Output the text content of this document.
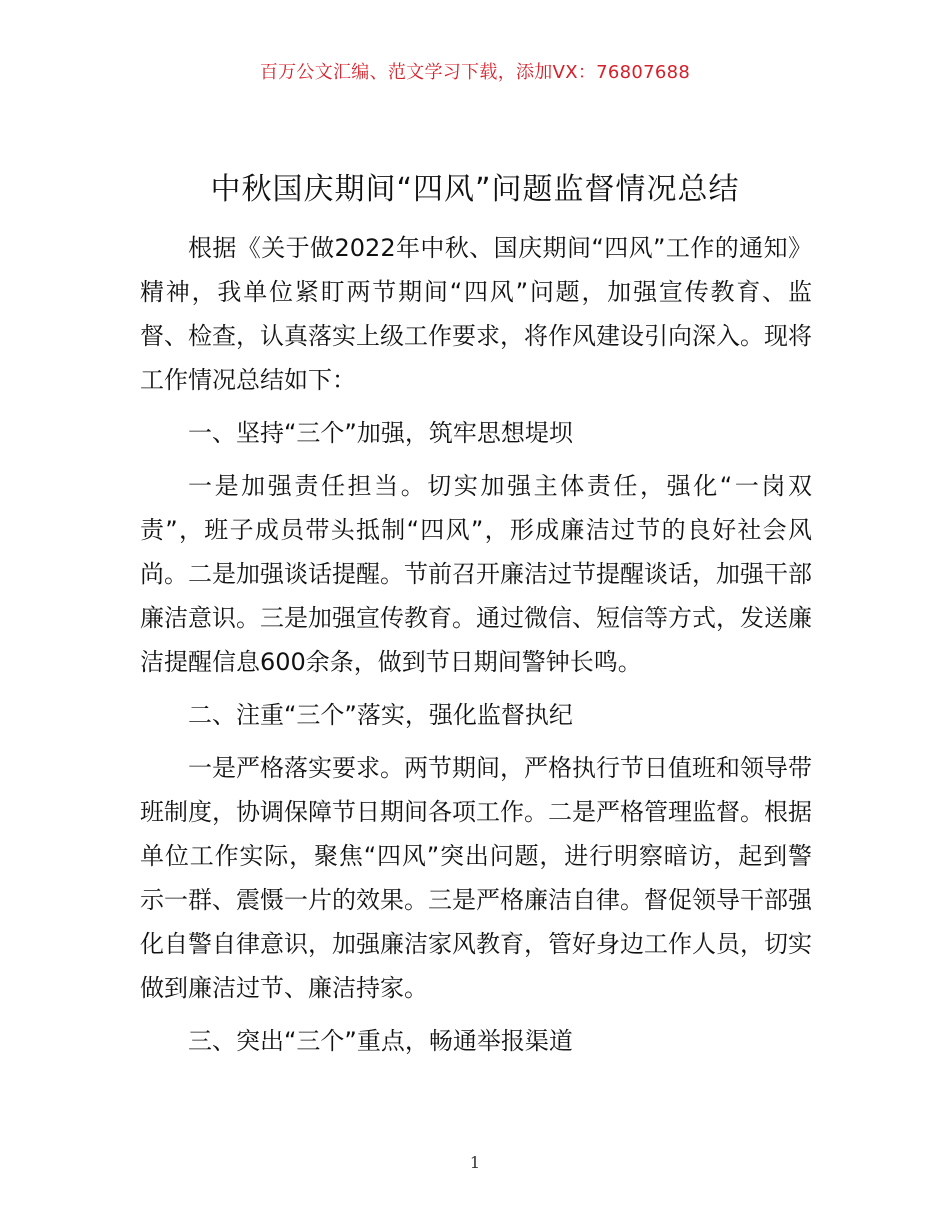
百万公文汇编、范文学习下载，添加VX：76807688
中秋国庆期间“四风”问题监督情况总结

根据《关于做2022年中秋、国庆期间“四风”工作的通知》精神，我单位紧盯两节期间“四风”问题，加强宣传教育、监督、检查，认真落实上级工作要求，将作风建设引向深入。现将工作情况总结如下：

一、坚持“三个”加强，筑牢思想堤坝

一是加强责任担当。切实加强主体责任，强化“一岗双责”，班子成员带头抵制“四风”，形成廉洁过节的良好社会风尚。二是加强谈话提醒。节前召开廉洁过节提醒谈话，加强干部廉洁意识。三是加强宣传教育。通过微信、短信等方式，发送廉洁提醒信息600余条，做到节日期间警钟长鸣。

二、注重“三个”落实，强化监督执纪

一是严格落实要求。两节期间，严格执行节日值班和领导带班制度，协调保障节日期间各项工作。二是严格管理监督。根据单位工作实际，聚焦“四风”突出问题，进行明察暗访，起到警示一群、震慑一片的效果。三是严格廉洁自律。督促领导干部强化自警自律意识，加强廉洁家风教育，管好身边工作人员，切实做到廉洁过节、廉洁持家。

三、突出“三个”重点，畅通举报渠道

1
